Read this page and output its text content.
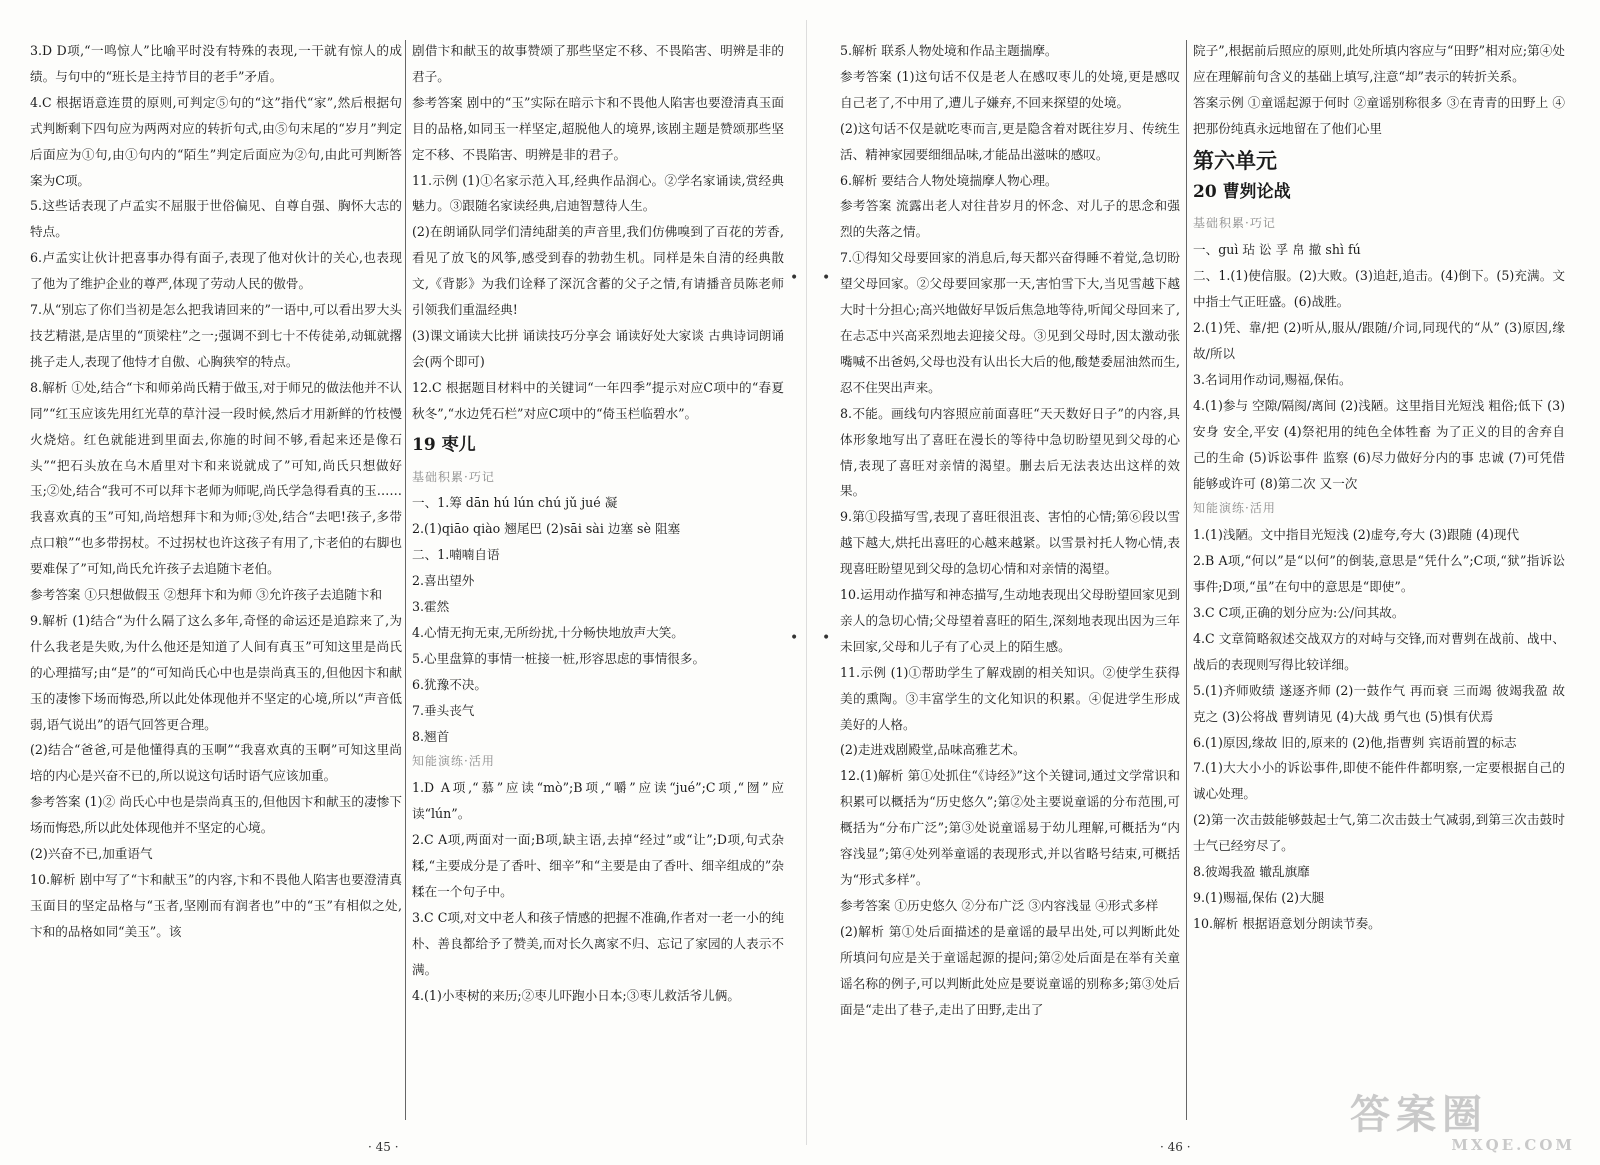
3.D D项,“一鸣惊人”比喻平时没有特殊的表现,一干就有惊人的成绩。与句中的“班长是主持节目的老手”矛盾。

4.C 根据语意连贯的原则,可判定⑤句的“这”指代“家”,然后根据句式判断剩下四句应为两两对应的转折句式,由⑤句末尾的“岁月”判定后面应为①句,由①句内的“陌生”判定后面应为②句,由此可判断答案为C项。

5.这些话表现了卢孟实不屈服于世俗偏见、自尊自强、胸怀大志的特点。

6.卢孟实让伙计把喜事办得有面子,表现了他对伙计的关心,也表现了他为了维护企业的尊严,体现了劳动人民的傲骨。

7.从“别忘了你们当初是怎么把我请回来的”一语中,可以看出罗大头技艺精湛,是店里的“顶梁柱”之一;强调不到七十不传徒弟,动辄就撂挑子走人,表现了他恃才自傲、心胸狭窄的特点。

8.解析 ①处,结合“卞和师弟尚氏精于做玉,对于师兄的做法他并不认同”“红玉应该先用红光草的草汁浸一段时候,然后才用新鲜的竹枝慢火烧焙。红色就能进到里面去,你施的时间不够,看起来还是像石头”“把石头放在乌木盾里对卞和来说就成了”可知,尚氏只想做好玉;②处,结合“我可不可以拜卞老师为师呢,尚氏学急得看真的玉……我喜欢真的玉”可知,尚培想拜卞和为师;③处,结合“去吧!孩子,多带点口粮”“也多带拐杖。不过拐杖也许这孩子有用了,卞老伯的右脚也要难保了”可知,尚氏允许孩子去追随卞老伯。

参考答案 ①只想做假玉 ②想拜卞和为师 ③允许孩子去追随卞和

9.解析 (1)结合“为什么隔了这么多年,奇怪的命运还是追踪来了,为什么我老是失败,为什么他还是知道了人间有真玉”可知这里是尚氏的心理描写;由“是”的“可知尚氏心中也是崇尚真玉的,但他因卞和献玉的凄惨下场而悔恐,所以此处体现他并不坚定的心境,所以“声音低弱,语气说出”的语气回答更合理。

(2)结合“爸爸,可是他懂得真的玉啊”“我喜欢真的玉啊”可知这里尚培的内心是兴奋不已的,所以说这句话时语气应该加重。

参考答案 (1)② 尚氏心中也是崇尚真玉的,但他因卞和献玉的凄惨下场而悔恐,所以此处体现他并不坚定的心境。

(2)兴奋不已,加重语气

10.解析 剧中写了“卞和献玉”的内容,卞和不畏他人陷害也要澄清真玉面目的坚定品格与“玉者,坚刚而有润者也”中的“玉”有相似之处,卞和的品格如同“美玉”。该

剧借卞和献玉的故事赞颂了那些坚定不移、不畏陷害、明辨是非的君子。

参考答案 剧中的“玉”实际在暗示卞和不畏他人陷害也要澄清真玉面目的品格,如同玉一样坚定,超脱他人的境界,该剧主题是赞颂那些坚定不移、不畏陷害、明辨是非的君子。

11.示例 (1)①名家示范入耳,经典作品润心。②学名家诵读,赏经典魅力。③跟随名家读经典,启迪智慧待人生。

(2)在朗诵队同学们清纯甜美的声音里,我们仿佛嗅到了百花的芳香,看见了放飞的风筝,感受到春的勃勃生机。同样是朱自清的经典散文,《背影》为我们诠释了深沉含蓄的父子之情,有请播音员陈老师引领我们重温经典!

(3)课文诵读大比拼 诵读技巧分享会 诵读好处大家谈 古典诗词朗诵会(两个即可)

12.C 根据题目材料中的关键词“一年四季”提示对应C项中的“春夏秋冬”,“水边凭石栏”对应C项中的“倚玉栏临碧水”。

19 枣儿

基础积累·巧记

一、1.筹 dān hú lún chú jǔ jué 凝

2.(1)qiāo qiào 翘尾巴 (2)sāi sài 边塞 sè 阻塞

二、1.喃喃自语

2.喜出望外

3.霍然

4.心情无拘无束,无所纷扰,十分畅快地放声大笑。

5.心里盘算的事情一桩接一桩,形容思虑的事情很多。

6.犹豫不决。

7.垂头丧气

8.翘首

知能演练·活用

1.D A项,“慕”应读“mò”;B项,“嚼”应读“jué”;C项,“囫”应读“lún”。

2.C A项,两面对一面;B项,缺主语,去掉“经过”或“让”;D项,句式杂糅,“主要成分是了香叶、细辛”和“主要是由了香叶、细辛组成的”杂糅在一个句子中。

3.C C项,对文中老人和孩子情感的把握不准确,作者对一老一小的纯朴、善良都给予了赞美,而对长久离家不归、忘记了家园的人表示不满。

4.(1)小枣树的来历;②枣儿吓跑小日本;③枣儿救活爷儿俩。

•
•
•
•
· 45 ·

5.解析 联系人物处境和作品主题揣摩。

参考答案 (1)这句话不仅是老人在感叹枣儿的处境,更是感叹自己老了,不中用了,遭儿子嫌弃,不回来探望的处境。

(2)这句话不仅是就吃枣而言,更是隐含着对既往岁月、传统生活、精神家园要细细品味,才能品出滋味的感叹。

6.解析 要结合人物处境揣摩人物心理。

参考答案 流露出老人对往昔岁月的怀念、对儿子的思念和强烈的失落之情。

7.①得知父母要回家的消息后,每天都兴奋得睡不着觉,急切盼望父母回家。②父母要回家那一天,害怕雪下大,当见雪越下越大时十分担心;高兴地做好早饭后焦急地等待,听闻父母回来了,在忐忑中兴高采烈地去迎接父母。③见到父母时,因太激动张嘴喊不出爸妈,父母也没有认出长大后的他,酸楚委屈油然而生,忍不住哭出声来。

8.不能。画线句内容照应前面喜旺“天天数好日子”的内容,具体形象地写出了喜旺在漫长的等待中急切盼望见到父母的心情,表现了喜旺对亲情的渴望。删去后无法表达出这样的效果。

9.第①段描写雪,表现了喜旺很沮丧、害怕的心情;第⑥段以雪越下越大,烘托出喜旺的心越来越紧。以雪景衬托人物心情,表现喜旺盼望见到父母的急切心情和对亲情的渴望。

10.运用动作描写和神态描写,生动地表现出父母盼望回家见到亲人的急切心情;父母望着喜旺的陌生,深刻地表现出因为三年未回家,父母和儿子有了心灵上的陌生感。

11.示例 (1)①帮助学生了解戏剧的相关知识。②使学生获得美的熏陶。③丰富学生的文化知识的积累。④促进学生形成美好的人格。

(2)走进戏剧殿堂,品味高雅艺术。

12.(1)解析 第①处抓住“《诗经》”这个关键词,通过文学常识和积累可以概括为“历史悠久”;第②处主要说童谣的分布范围,可概括为“分布广泛”;第③处说童谣易于幼儿理解,可概括为“内容浅显”;第④处列举童谣的表现形式,并以省略号结束,可概括为“形式多样”。

参考答案 ①历史悠久 ②分布广泛 ③内容浅显 ④形式多样

(2)解析 第①处后面描述的是童谣的最早出处,可以判断此处所填问句应是关于童谣起源的提问;第②处后面是在举有关童谣名称的例子,可以判断此处应是要说童谣的别称多;第③处后面是“走出了巷子,走出了田野,走出了

院子”,根据前后照应的原则,此处所填内容应与“田野”相对应;第④处应在理解前句含义的基础上填写,注意“却”表示的转折关系。

答案示例 ①童谣起源于何时 ②童谣别称很多 ③在青青的田野上 ④把那份纯真永远地留在了他们心里

第六单元

20 曹刿论战

基础积累·巧记

一、guì 玷 讼 孚 帛 撤 shì fú

二、1.(1)使信服。(2)大败。(3)追赶,追击。(4)倒下。(5)充满。文中指士气正旺盛。(6)战胜。

2.(1)凭、靠/把 (2)听从,服从/跟随/介词,同现代的“从” (3)原因,缘故/所以

3.名词用作动词,赐福,保佑。

4.(1)参与 空隙/隔阂/离间 (2)浅陋。这里指目光短浅 粗俗;低下 (3)安身 安全,平安 (4)祭祀用的纯色全体牲畜 为了正义的目的舍弃自己的生命 (5)诉讼事件 监察 (6)尽力做好分内的事 忠诚 (7)可凭借 能够或许可 (8)第二次 又一次

知能演练·活用

1.(1)浅陋。文中指目光短浅 (2)虚夸,夸大 (3)跟随 (4)现代

2.B A项,“何以”是“以何”的倒装,意思是“凭什么”;C项,“狱”指诉讼事件;D项,“虽”在句中的意思是“即使”。

3.C C项,正确的划分应为:公/问其故。

4.C 文章简略叙述交战双方的对峙与交锋,而对曹刿在战前、战中、战后的表现则写得比较详细。

5.(1)齐师败绩 遂逐齐师 (2)一鼓作气 再而衰 三而竭 彼竭我盈 故克之 (3)公将战 曹刿请见 (4)大战 勇气也 (5)惧有伏焉

6.(1)原因,缘故 旧的,原来的 (2)他,指曹刿 宾语前置的标志

7.(1)大大小小的诉讼事件,即使不能件件都明察,一定要根据自己的诚心处理。

(2)第一次击鼓能够鼓起士气,第二次击鼓士气减弱,到第三次击鼓时士气已经穷尽了。

8.彼竭我盈 辙乱旗靡

9.(1)赐福,保佑 (2)大腿

10.解析 根据语意划分朗读节奏。

· 46 ·
答案圈
MXQE.COM
